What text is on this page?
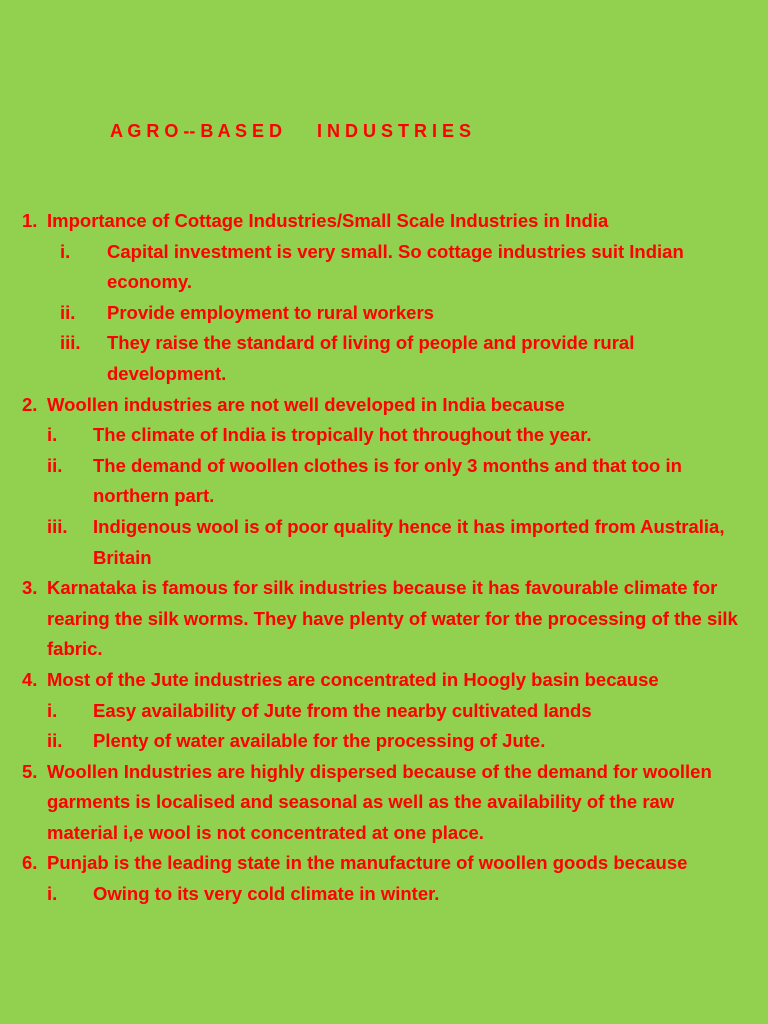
A G R O -- B A S E D       I N D U S T R I E S
1. Importance of Cottage Industries/Small Scale Industries in India
i. Capital investment is very small. So cottage industries suit Indian economy.
ii. Provide employment to rural workers
iii. They raise the standard of living of people and provide rural development.
2. Woollen industries are not well developed in India because
i. The climate of India is tropically hot throughout the year.
ii. The demand of woollen clothes is for only 3 months and that too in northern part.
iii. Indigenous wool is of poor quality hence it has imported from Australia, Britain
3. Karnataka is famous for silk industries because it has favourable climate for rearing the silk worms. They have plenty of water for the processing of the silk fabric.
4. Most of the Jute industries are concentrated in Hoogly basin because
i. Easy availability of Jute from the nearby cultivated lands
ii. Plenty of water available for the processing of Jute.
5. Woollen Industries are highly dispersed because of the demand for woollen garments is localised and seasonal as well as the availability of the raw material i,e wool is not concentrated at one place.
6. Punjab is the leading state in the manufacture of woollen goods because
i. Owing to its very cold climate in winter.
